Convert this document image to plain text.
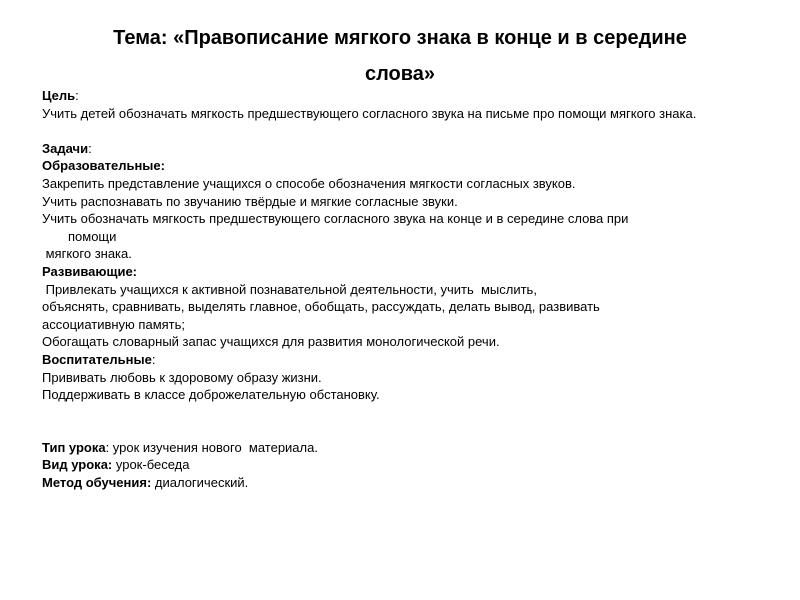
Тема: «Правописание мягкого знака в конце и в середине
слова»
Цель:
Учить детей обозначать мягкость предшествующего согласного звука на письме про помощи мягкого знака.
Задачи:
Образовательные:
Закрепить представление учащихся о способе обозначения мягкости согласных звуков.
Учить распознавать по звучанию твёрдые и мягкие согласные звуки.
Учить обозначать мягкость предшествующего согласного звука на конце и в середине слова при
помощи
мягкого знака.
Развивающие:
Привлекать учащихся к активной познавательной деятельности, учить  мыслить,
объяснять, сравнивать, выделять главное, обобщать, рассуждать, делать вывод, развивать
ассоциативную память;
Обогащать словарный запас учащихся для развития монологической речи.
Воспитательные:
Прививать любовь к здоровому образу жизни.
Поддерживать в классе доброжелательную обстановку.
Тип урока: урок изучения нового  материала.
Вид урока: урок-беседа
Метод обучения: диалогический.
